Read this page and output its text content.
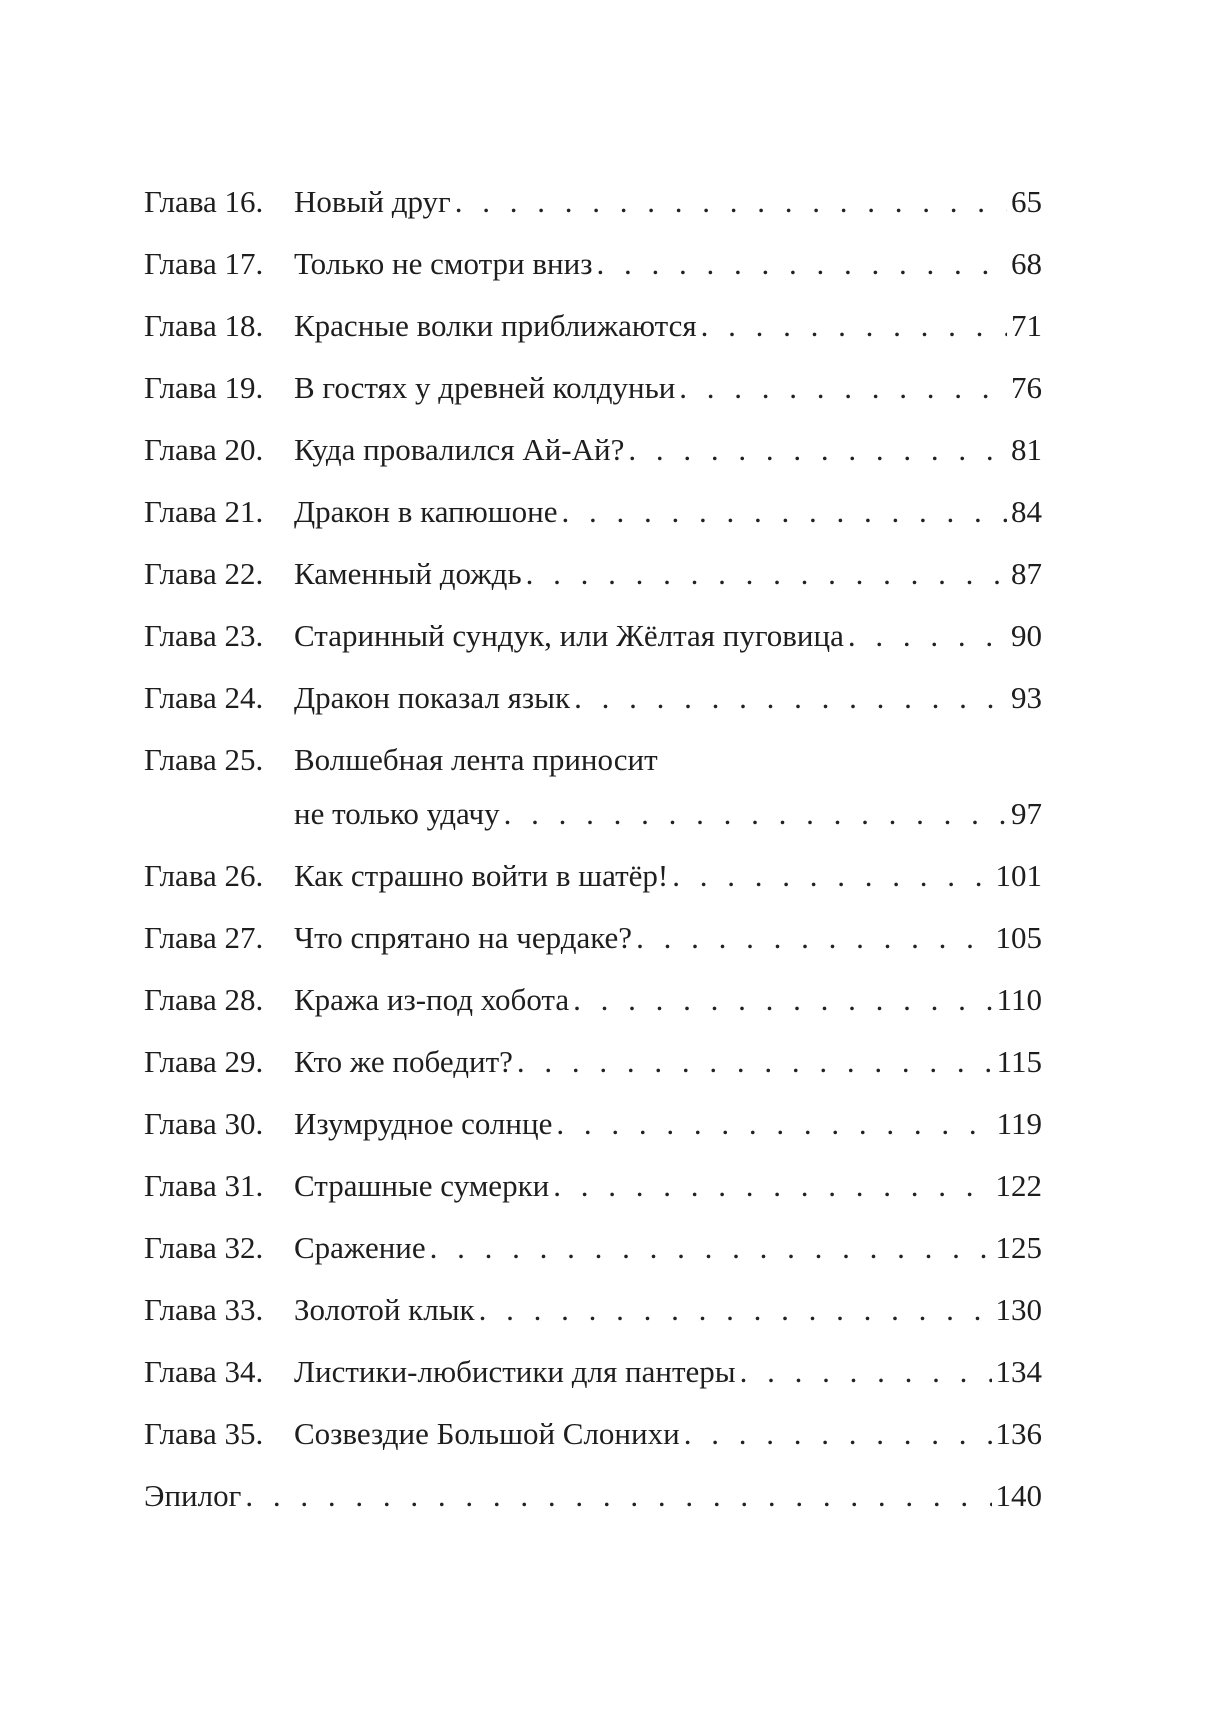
Глава 16. Новый друг . . .	65
Глава 17. Только не смотри вниз . . .	68
Глава 18. Красные волки приближаются . . .	71
Глава 19. В гостях у древней колдуньи . . .	76
Глава 20. Куда провалился Ай-Ай? . . .	81
Глава 21. Дракон в капюшоне . . .	84
Глава 22. Каменный дождь . . .	87
Глава 23. Старинный сундук, или Жёлтая пуговица . . .	90
Глава 24. Дракон показал язык . . .	93
Глава 25. Волшебная лента приносит
не только удачу . . .	97
Глава 26. Как страшно войти в шатёр! . . .	101
Глава 27. Что спрятано на чердаке? . . .	105
Глава 28. Кража из-под хобота . . .	110
Глава 29. Кто же победит? . . .	115
Глава 30. Изумрудное солнце . . .	119
Глава 31. Страшные сумерки . . .	122
Глава 32. Сражение . . .	125
Глава 33. Золотой клык . . .	130
Глава 34. Листики-любистики для пантеры . . .	134
Глава 35. Созвездие Большой Слонихи . . .	136
Эпилог . . .	140
